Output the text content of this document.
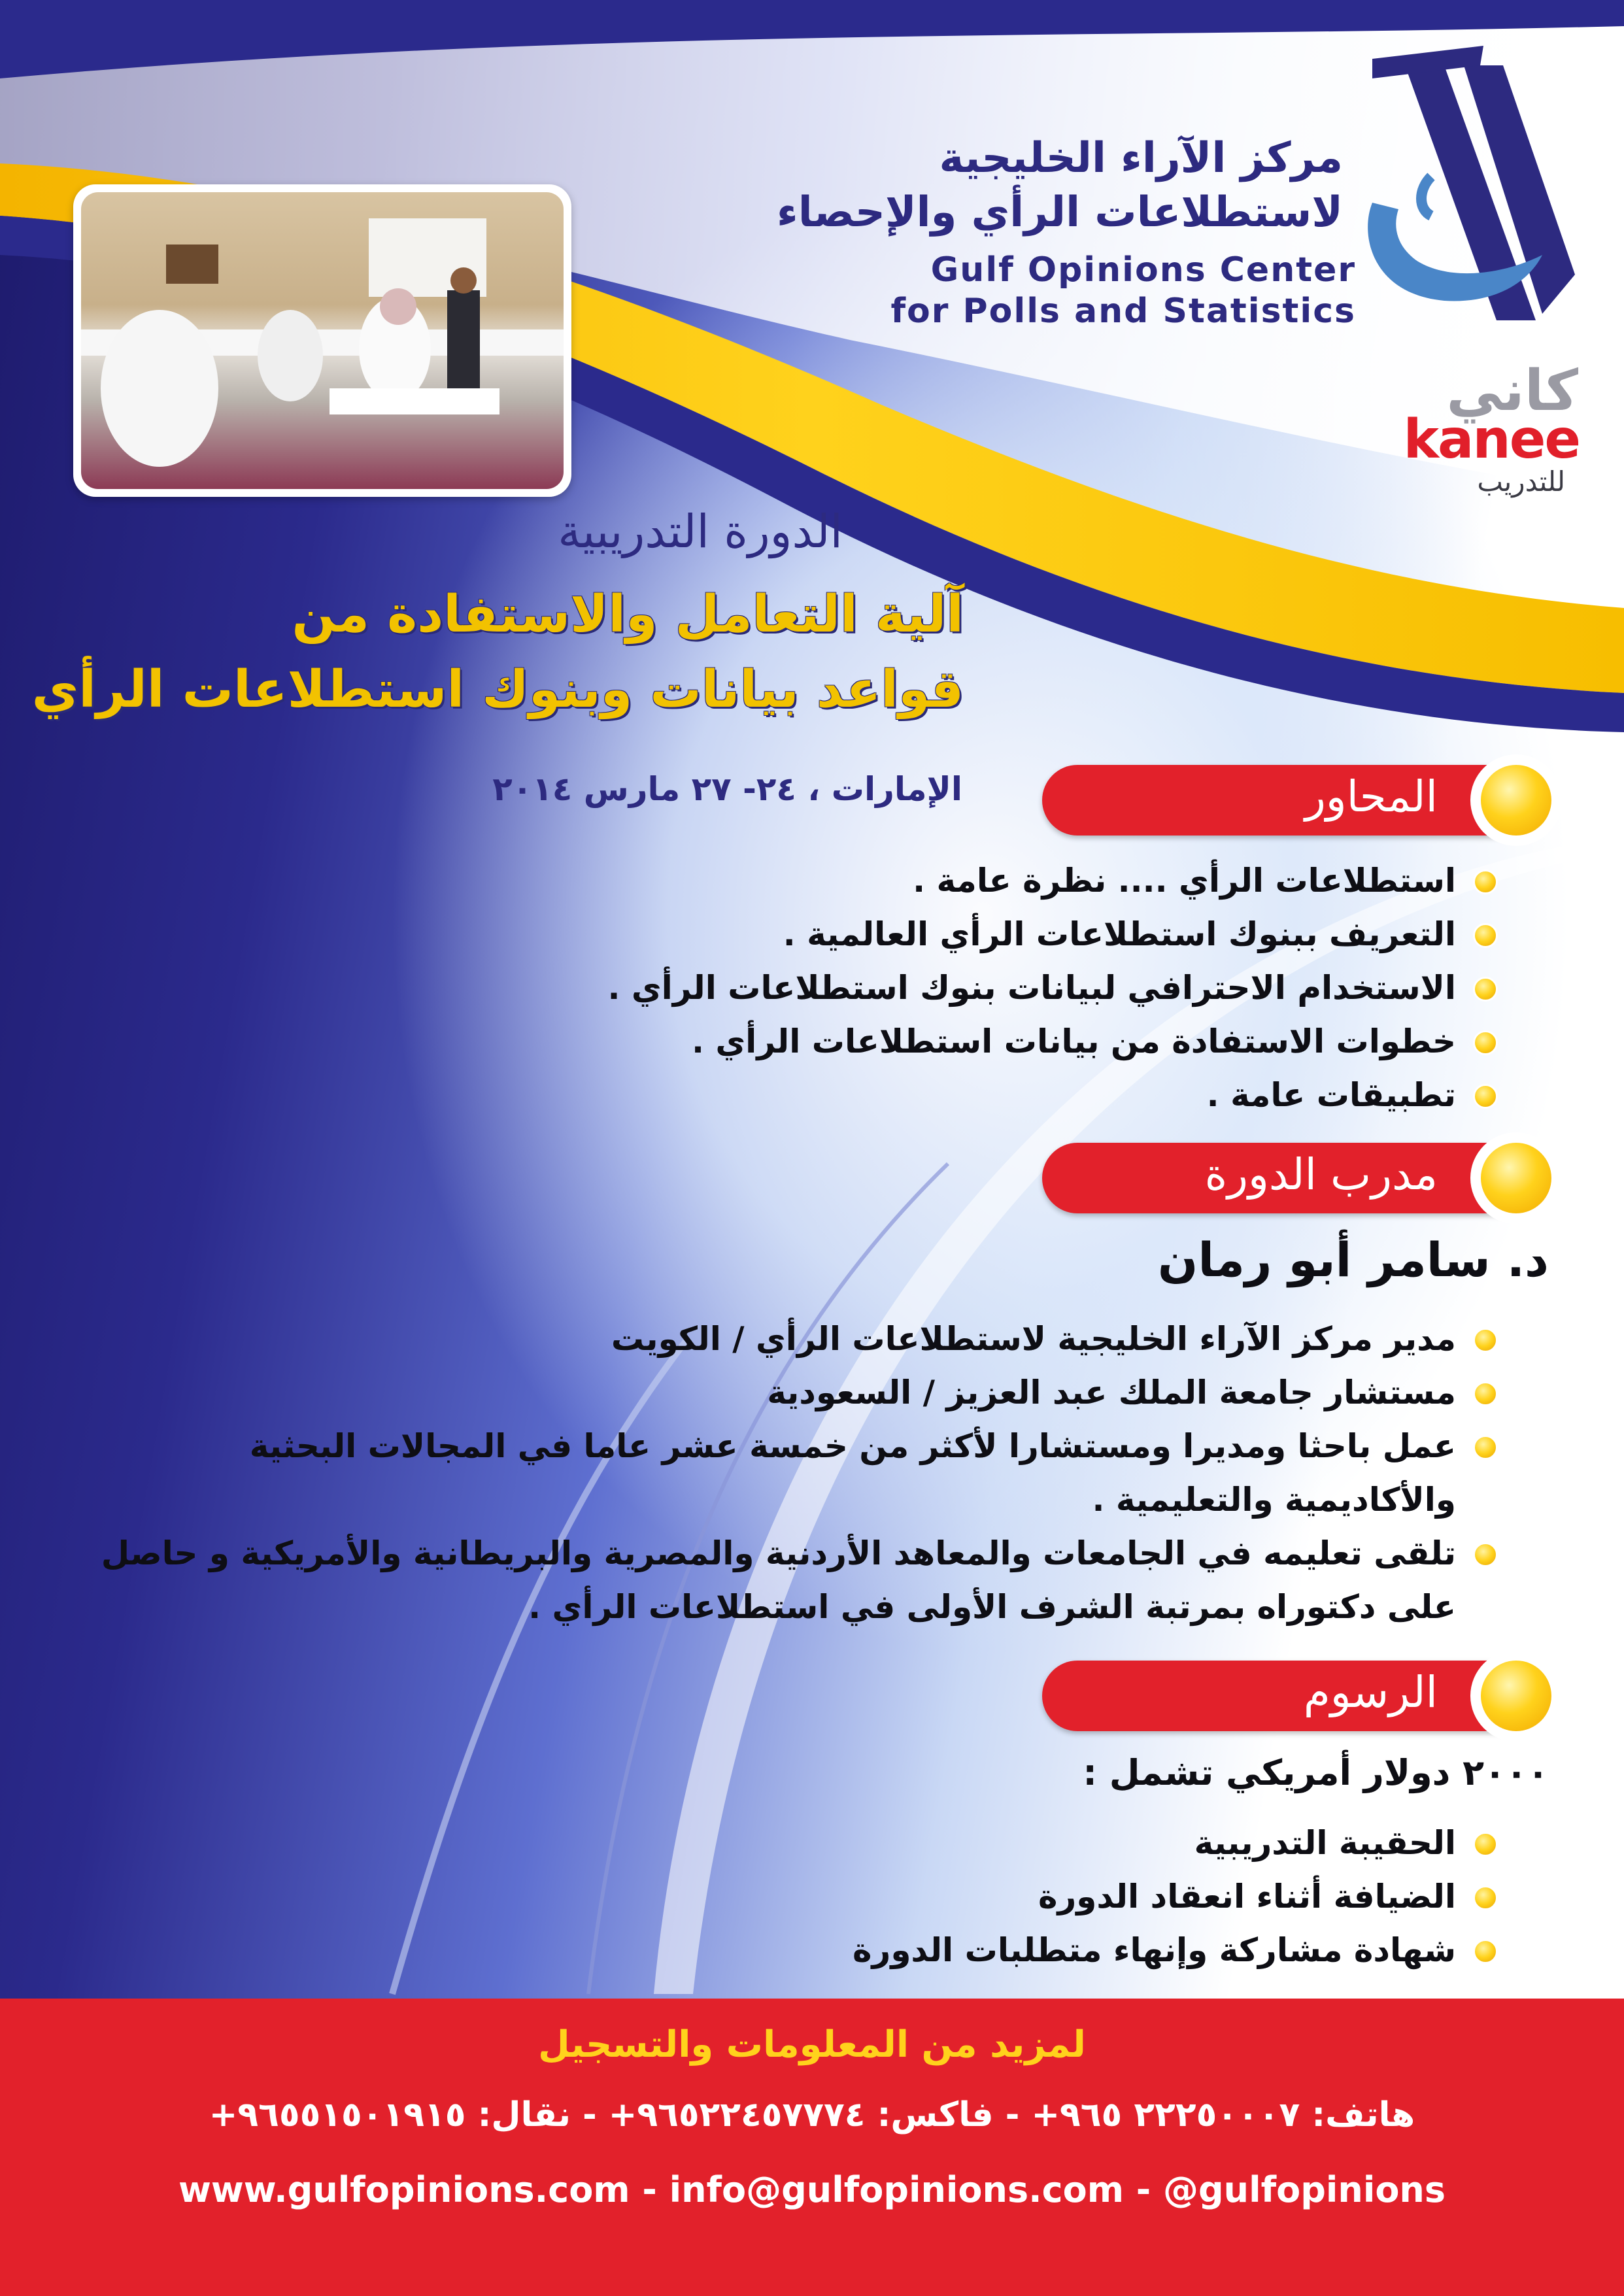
مركز الآراء الخليجية
لاستطلاعات الرأي والإحصاء
Gulf Opinions Center
for Polls and Statistics
كاني
kanee
للتدريب
الدورة التدريبية
آلية التعامل والاستفادة من
قواعد بيانات وبنوك استطلاعات الرأي
الإمارات ، ٢٤- ٢٧ مارس ٢٠١٤	المحاور
استطلاعات الرأي .... نظرة عامة .
التعريف ببنوك استطلاعات الرأي العالمية .
الاستخدام الاحترافي لبيانات بنوك استطلاعات الرأي .
خطوات الاستفادة من بيانات استطلاعات الرأي .
تطبيقات عامة .
مدرب الدورة
د. سامر أبو رمان
مدير مركز الآراء الخليجية لاستطلاعات الرأي / الكويت
مستشار جامعة الملك عبد العزيز / السعودية
عمل باحثا ومديرا ومستشارا لأكثر من خمسة عشر عاما في المجالات البحثية والأكاديمية والتعليمية .
تلقى تعليمه في الجامعات والمعاهد الأردنية والمصرية والبريطانية والأمريكية و حاصل على دكتوراه بمرتبة الشرف الأولى في استطلاعات الرأي .
الرسوم
٢٠٠٠ دولار أمريكي تشمل :
الحقيبة التدريبية
الضيافة أثناء انعقاد الدورة
شهادة مشاركة وإنهاء متطلبات الدورة
لمزيد من المعلومات والتسجيل
هاتف: ٢٢٢٥٠٠٠٧ ٩٦٥+ - فاكس: ٩٦٥٢٢٤٥٧٧٧٤+ - نقال: ٩٦٥٥١٥٠١٩١٥+
www.gulfopinions.com - info@gulfopinions.com - @gulfopinions
